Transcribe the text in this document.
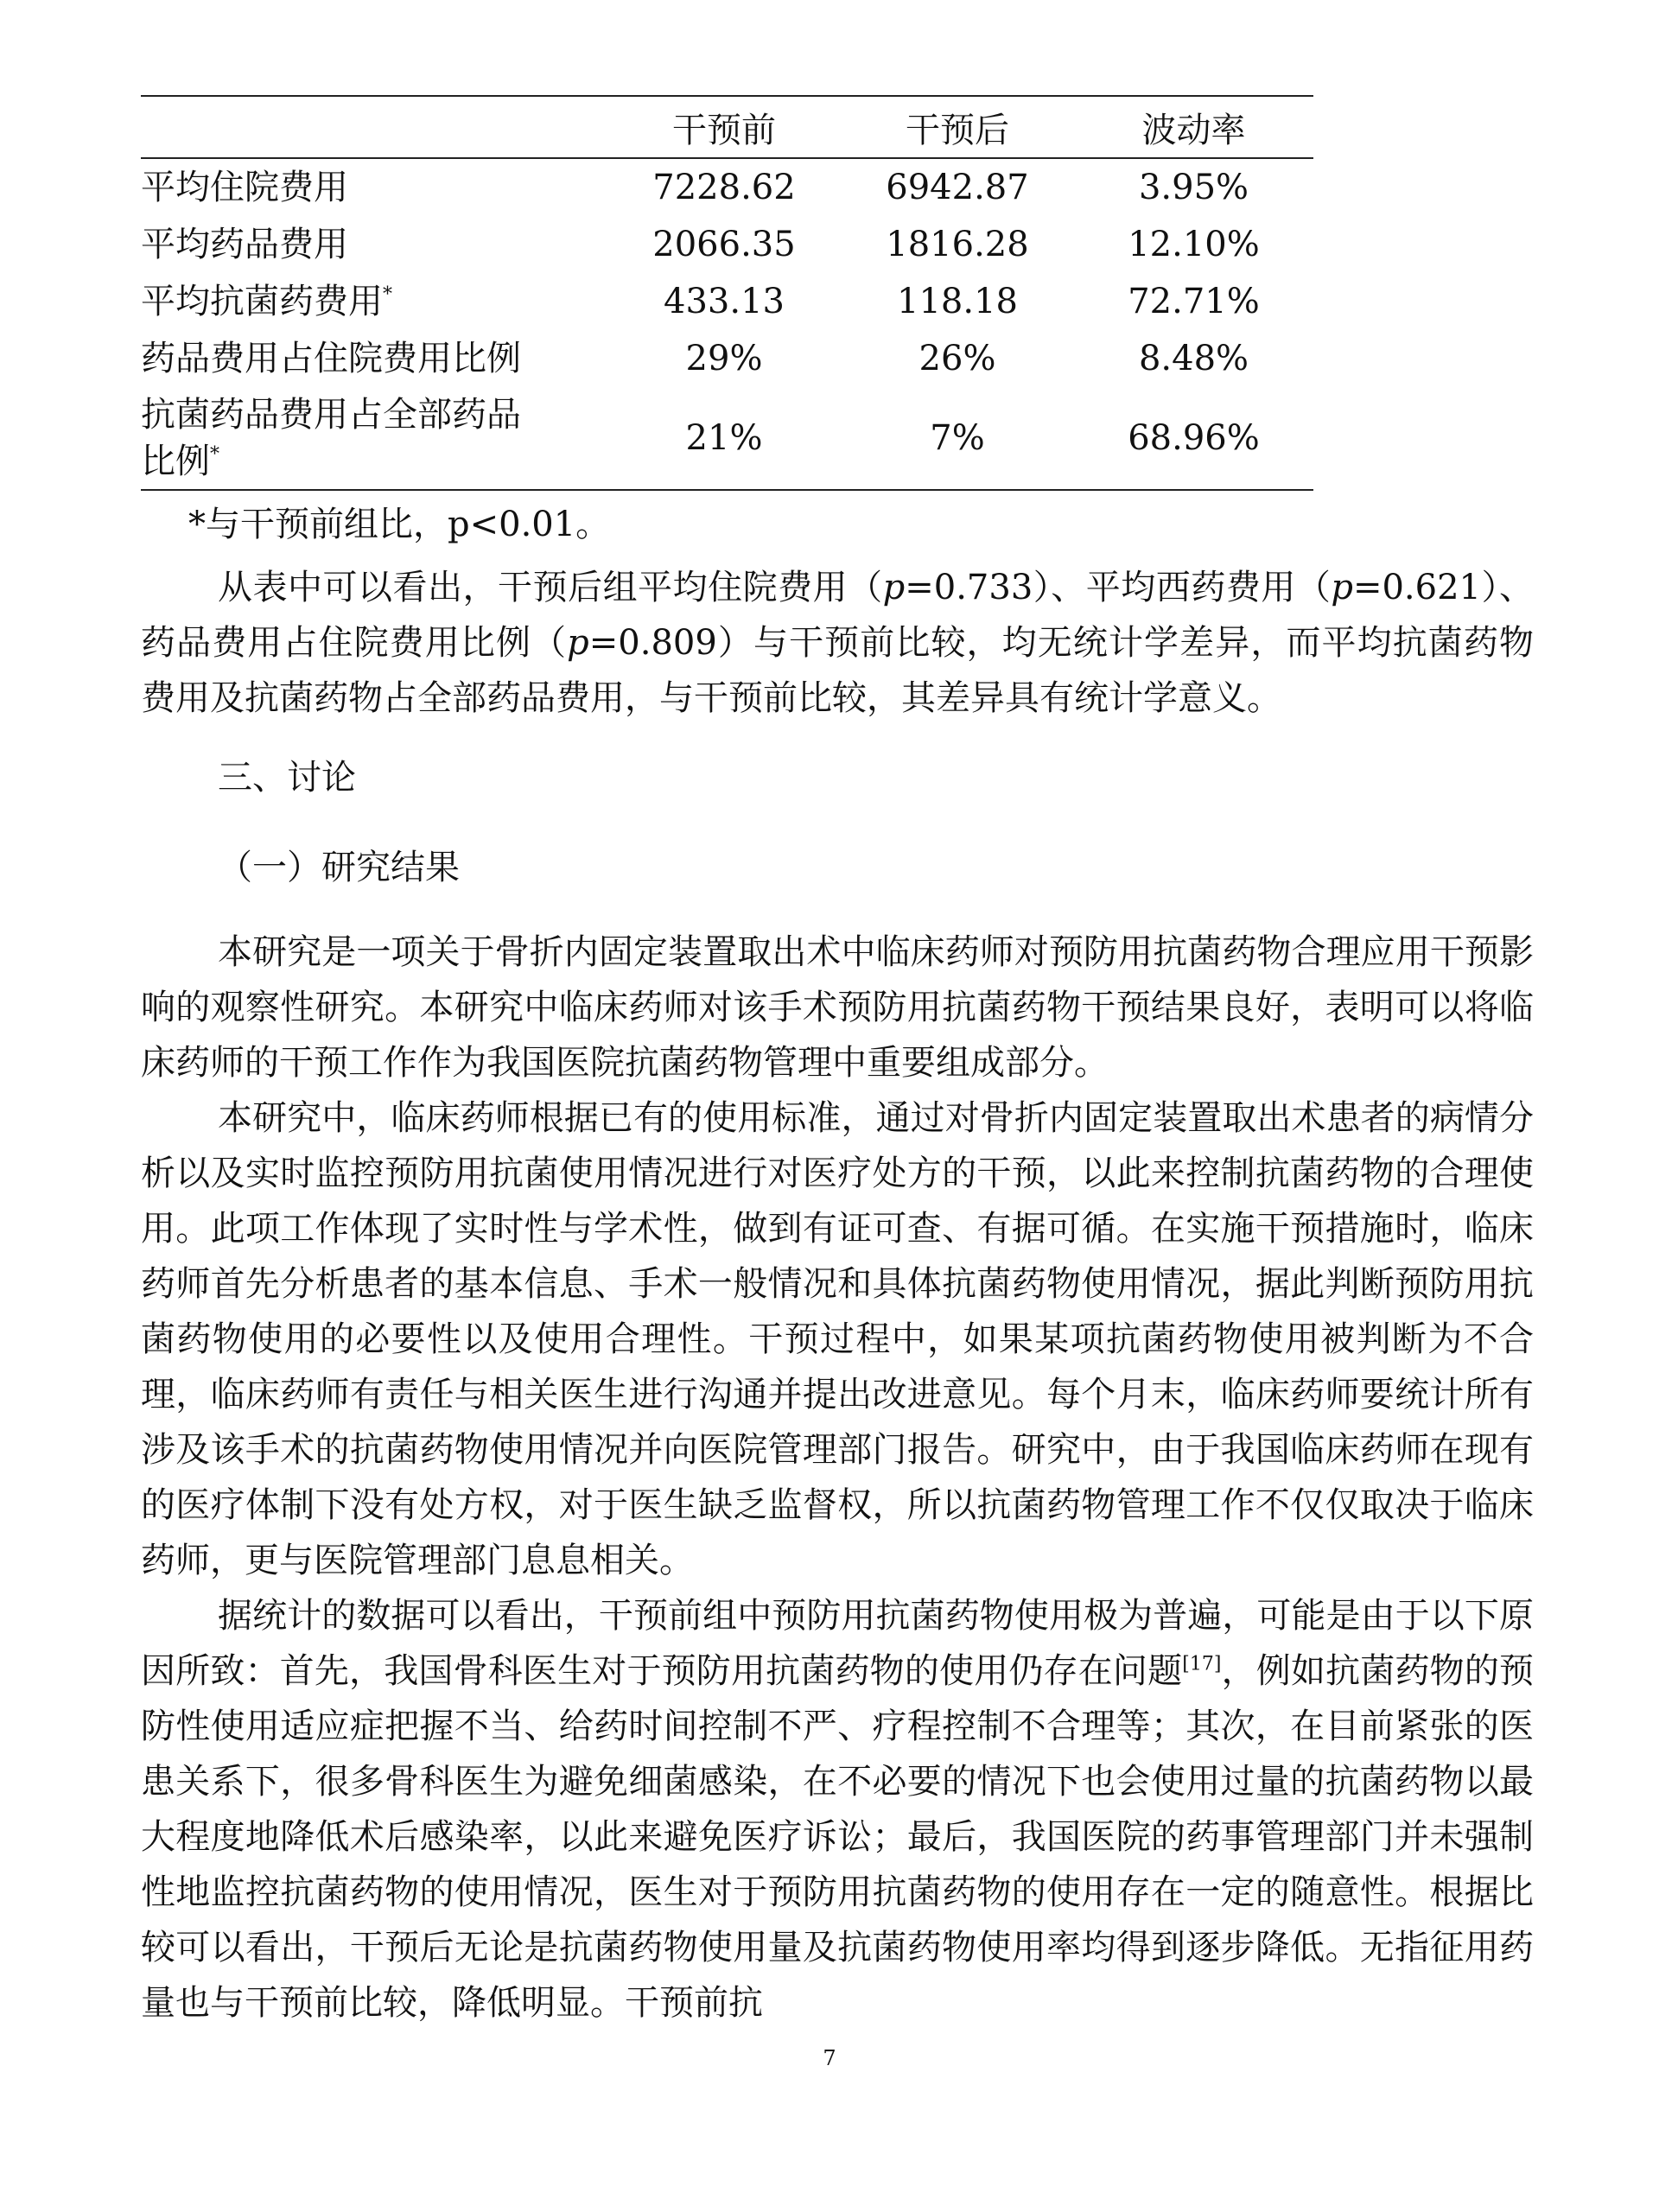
	干预前	干预后	波动率
平均住院费用	7228.62	6942.87	3.95%
平均药品费用	2066.35	1816.28	12.10%
平均抗菌药费用*	433.13	118.18	72.71%
药品费用占住院费用比例	29%	26%	8.48%
抗菌药品费用占全部药品
比例*	21%	7%	68.96%
*与干预前组比，p<0.01。

从表中可以看出，干预后组平均住院费用（p=0.733）、平均西药费用（p=0.621）、药品费用占住院费用比例（p=0.809）与干预前比较，均无统计学差异，而平均抗菌药物费用及抗菌药物占全部药品费用，与干预前比较，其差异具有统计学意义。

三、讨论
（一）研究结果

本研究是一项关于骨折内固定装置取出术中临床药师对预防用抗菌药物合理应用干预影响的观察性研究。本研究中临床药师对该手术预防用抗菌药物干预结果良好，表明可以将临床药师的干预工作作为我国医院抗菌药物管理中重要组成部分。

本研究中，临床药师根据已有的使用标准，通过对骨折内固定装置取出术患者的病情分析以及实时监控预防用抗菌使用情况进行对医疗处方的干预，以此来控制抗菌药物的合理使用。此项工作体现了实时性与学术性，做到有证可查、有据可循。在实施干预措施时，临床药师首先分析患者的基本信息、手术一般情况和具体抗菌药物使用情况，据此判断预防用抗菌药物使用的必要性以及使用合理性。干预过程中，如果某项抗菌药物使用被判断为不合理，临床药师有责任与相关医生进行沟通并提出改进意见。每个月末，临床药师要统计所有涉及该手术的抗菌药物使用情况并向医院管理部门报告。研究中，由于我国临床药师在现有的医疗体制下没有处方权，对于医生缺乏监督权，所以抗菌药物管理工作不仅仅取决于临床药师，更与医院管理部门息息相关。

据统计的数据可以看出，干预前组中预防用抗菌药物使用极为普遍，可能是由于以下原因所致：首先，我国骨科医生对于预防用抗菌药物的使用仍存在问题[17]，例如抗菌药物的预防性使用适应症把握不当、给药时间控制不严、疗程控制不合理等；其次，在目前紧张的医患关系下，很多骨科医生为避免细菌感染，在不必要的情况下也会使用过量的抗菌药物以最大程度地降低术后感染率，以此来避免医疗诉讼；最后，我国医院的药事管理部门并未强制性地监控抗菌药物的使用情况，医生对于预防用抗菌药物的使用存在一定的随意性。根据比较可以看出，干预后无论是抗菌药物使用量及抗菌药物使用率均得到逐步降低。无指征用药量也与干预前比较，降低明显。干预前抗

7
